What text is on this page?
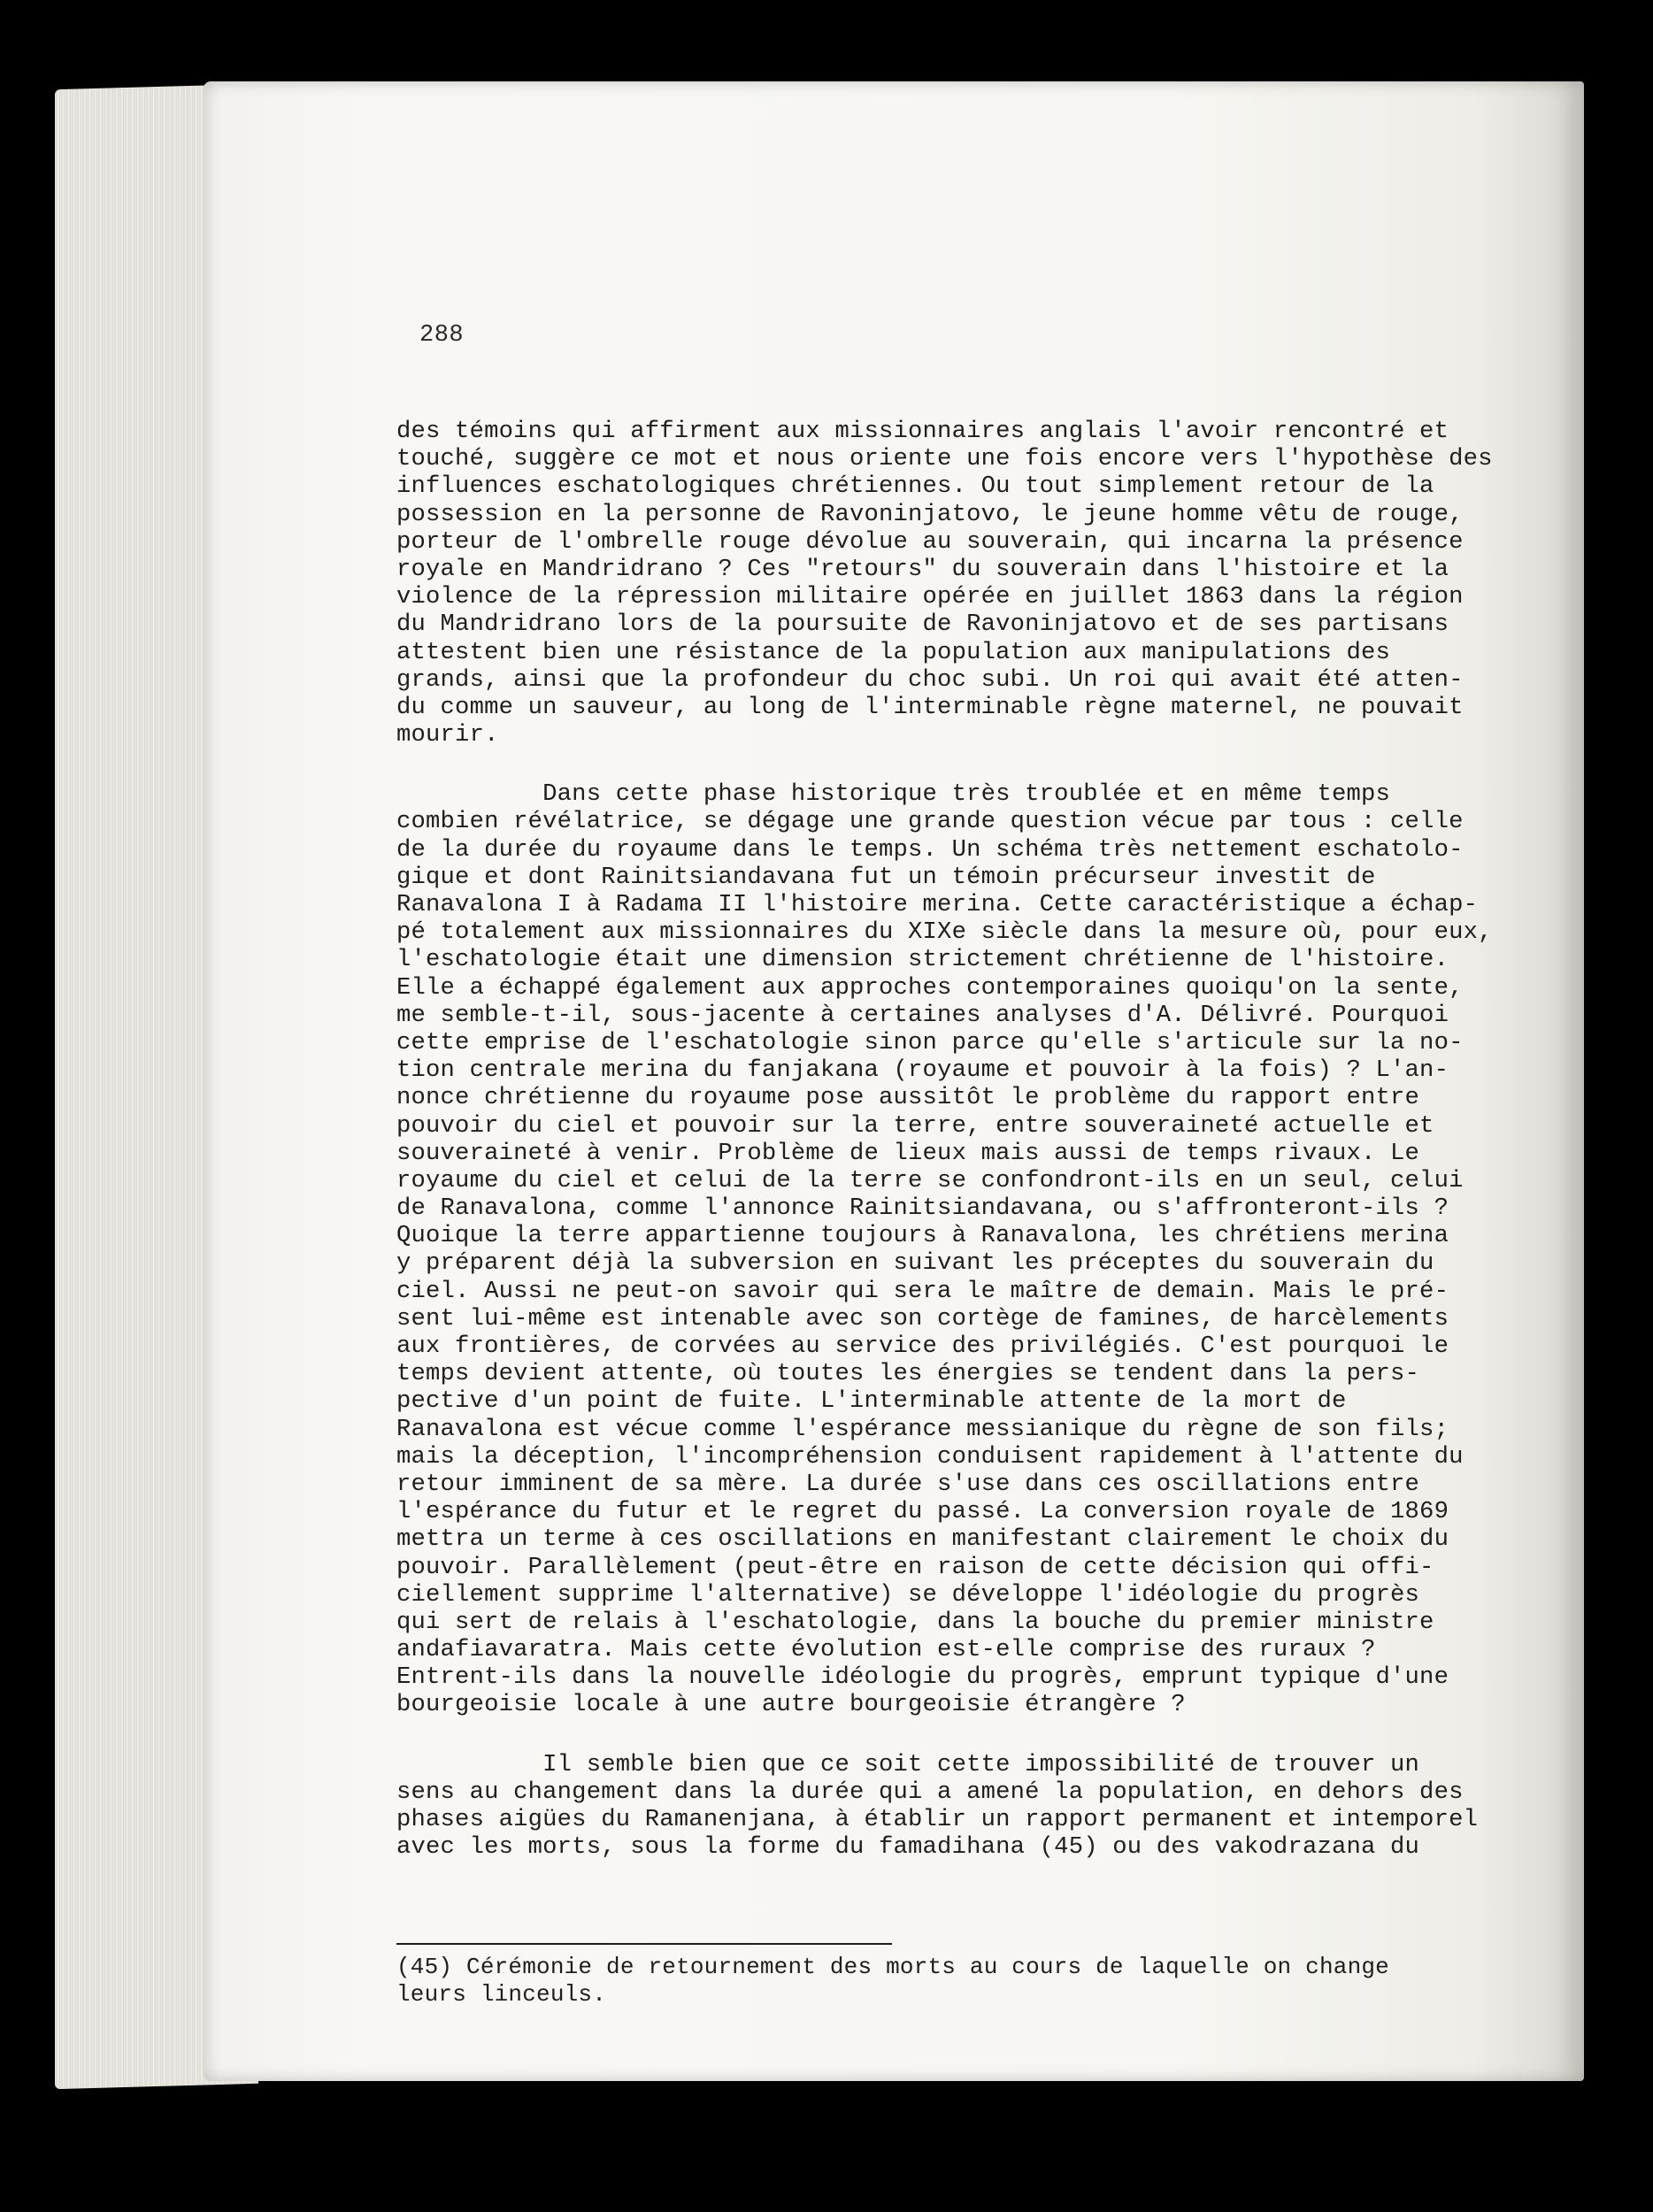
288

des témoins qui affirment aux missionnaires anglais l'avoir rencontré et

touché, suggère ce mot et nous oriente une fois encore vers l'hypothèse des

influences eschatologiques chrétiennes. Ou tout simplement retour de la

possession en la personne de Ravoninjatovo, le jeune homme vêtu de rouge,

porteur de l'ombrelle rouge dévolue au souverain, qui incarna la présence

royale en Mandridrano ? Ces "retours" du souverain dans l'histoire et la

violence de la répression militaire opérée en juillet 1863 dans la région

du Mandridrano lors de la poursuite de Ravoninjatovo et de ses partisans

attestent bien une résistance de la population aux manipulations des

grands, ainsi que la profondeur du choc subi. Un roi qui avait été atten-

du comme un sauveur, au long de l'interminable règne maternel, ne pouvait

mourir.

Dans cette phase historique très troublée et en même temps

combien révélatrice, se dégage une grande question vécue par tous : celle

de la durée du royaume dans le temps. Un schéma très nettement eschatolo-

gique et dont Rainitsiandavana fut un témoin précurseur investit de

Ranavalona I à Radama II l'histoire merina. Cette caractéristique a échap-

pé totalement aux missionnaires du XIXe siècle dans la mesure où, pour eux,

l'eschatologie était une dimension strictement chrétienne de l'histoire.

Elle a échappé également aux approches contemporaines quoiqu'on la sente,

me semble-t-il, sous-jacente à certaines analyses d'A. Délivré. Pourquoi

cette emprise de l'eschatologie sinon parce qu'elle s'articule sur la no-

tion centrale merina du fanjakana (royaume et pouvoir à la fois) ? L'an-

nonce chrétienne du royaume pose aussitôt le problème du rapport entre

pouvoir du ciel et pouvoir sur la terre, entre souveraineté actuelle et

souveraineté à venir. Problème de lieux mais aussi de temps rivaux. Le

royaume du ciel et celui de la terre se confondront-ils en un seul, celui

de Ranavalona, comme l'annonce Rainitsiandavana, ou s'affronteront-ils ?

Quoique la terre appartienne toujours à Ranavalona, les chrétiens merina

y préparent déjà la subversion en suivant les préceptes du souverain du

ciel. Aussi ne peut-on savoir qui sera le maître de demain. Mais le pré-

sent lui-même est intenable avec son cortège de famines, de harcèlements

aux frontières, de corvées au service des privilégiés. C'est pourquoi le

temps devient attente, où toutes les énergies se tendent dans la pers-

pective d'un point de fuite. L'interminable attente de la mort de

Ranavalona est vécue comme l'espérance messianique du règne de son fils;

mais la déception, l'incompréhension conduisent rapidement à l'attente du

retour imminent de sa mère. La durée s'use dans ces oscillations entre

l'espérance du futur et le regret du passé. La conversion royale de 1869

mettra un terme à ces oscillations en manifestant clairement le choix du

pouvoir. Parallèlement (peut-être en raison de cette décision qui offi-

ciellement supprime l'alternative) se développe l'idéologie du progrès

qui sert de relais à l'eschatologie, dans la bouche du premier ministre

andafiavaratra. Mais cette évolution est-elle comprise des ruraux ?

Entrent-ils dans la nouvelle idéologie du progrès, emprunt typique d'une

bourgeoisie locale à une autre bourgeoisie étrangère ?

Il semble bien que ce soit cette impossibilité de trouver un

sens au changement dans la durée qui a amené la population, en dehors des

phases aigües du Ramanenjana, à établir un rapport permanent et intemporel

avec les morts, sous la forme du famadihana (45) ou des vakodrazana du

(45) Cérémonie de retournement des morts au cours de laquelle on change

leurs linceuls.
